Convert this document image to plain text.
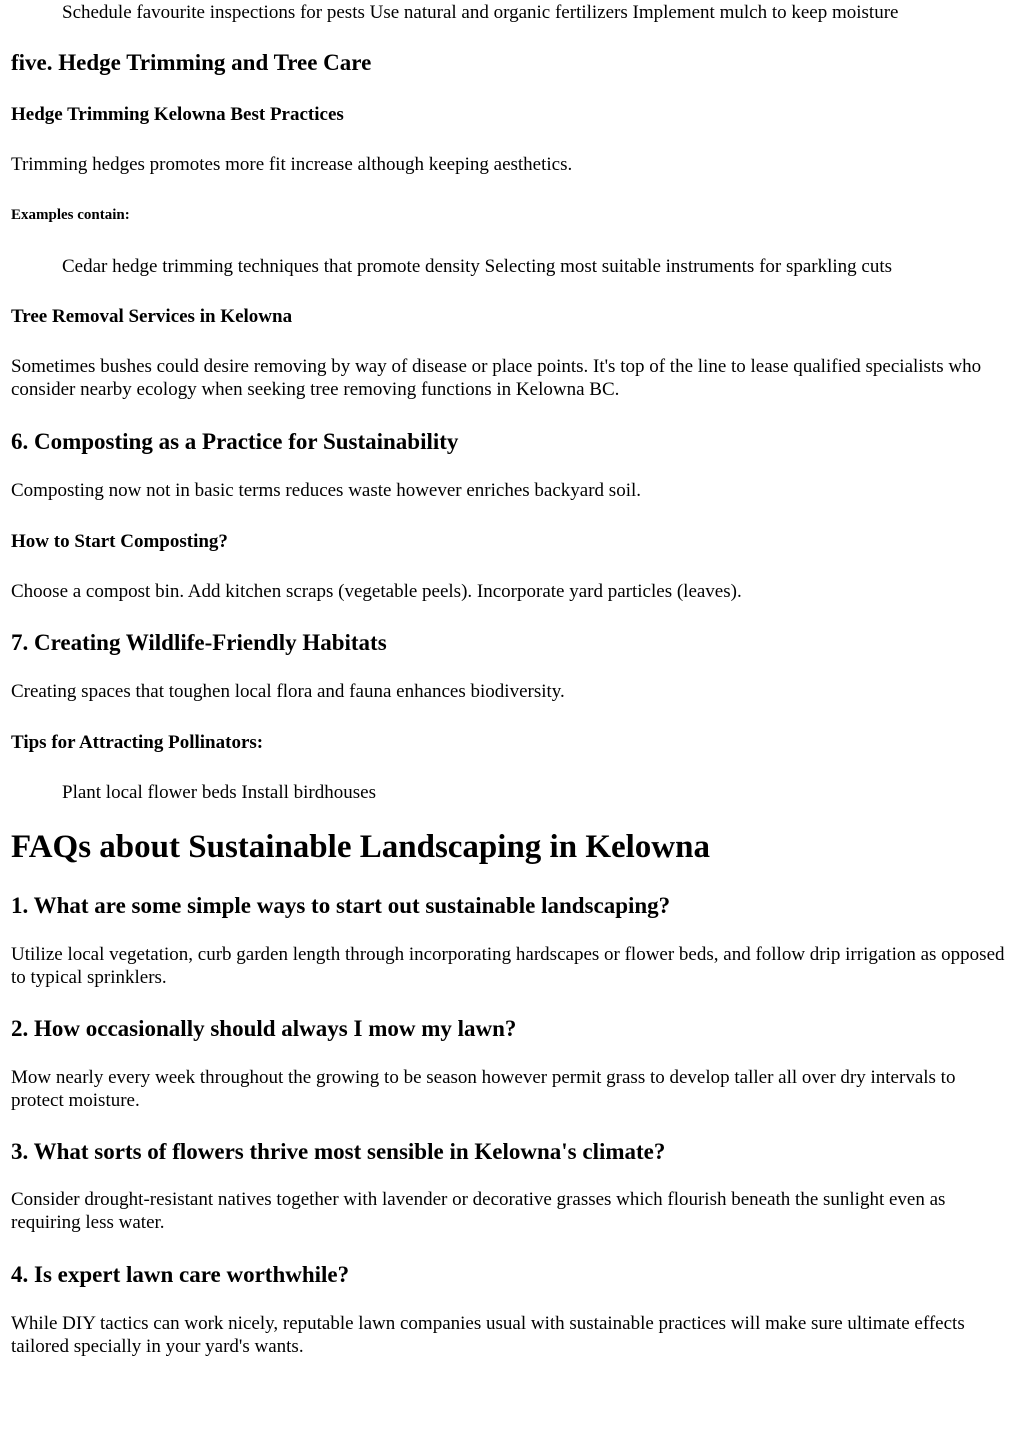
Schedule favourite inspections for pests Use natural and organic fertilizers Implement mulch to keep moisture

five. Hedge Trimming and Tree Care
Hedge Trimming Kelowna Best Practices

Trimming hedges promotes more fit increase although keeping aesthetics.

Examples contain:

Cedar hedge trimming techniques that promote density Selecting most suitable instruments for sparkling cuts

Tree Removal Services in Kelowna

Sometimes bushes could desire removing by way of disease or place points. It's top of the line to lease qualified specialists who consider nearby ecology when seeking tree removing functions in Kelowna BC.

6. Composting as a Practice for Sustainability

Composting now not in basic terms reduces waste however enriches backyard soil.

How to Start Composting?

Choose a compost bin. Add kitchen scraps (vegetable peels). Incorporate yard particles (leaves).

7. Creating Wildlife-Friendly Habitats

Creating spaces that toughen local flora and fauna enhances biodiversity.

Tips for Attracting Pollinators:

Plant local flower beds Install birdhouses

FAQs about Sustainable Landscaping in Kelowna
1. What are some simple ways to start out sustainable landscaping?

Utilize local vegetation, curb garden length through incorporating hardscapes or flower beds, and follow drip irrigation as opposed to typical sprinklers.

2. How occasionally should always I mow my lawn?

Mow nearly every week throughout the growing to be season however permit grass to develop taller all over dry intervals to protect moisture.

3. What sorts of flowers thrive most sensible in Kelowna's climate?

Consider drought-resistant natives together with lavender or decorative grasses which flourish beneath the sunlight even as requiring less water.

4. Is expert lawn care worthwhile?

While DIY tactics can work nicely, reputable lawn companies usual with sustainable practices will make sure ultimate effects tailored specially in your yard's wants.
